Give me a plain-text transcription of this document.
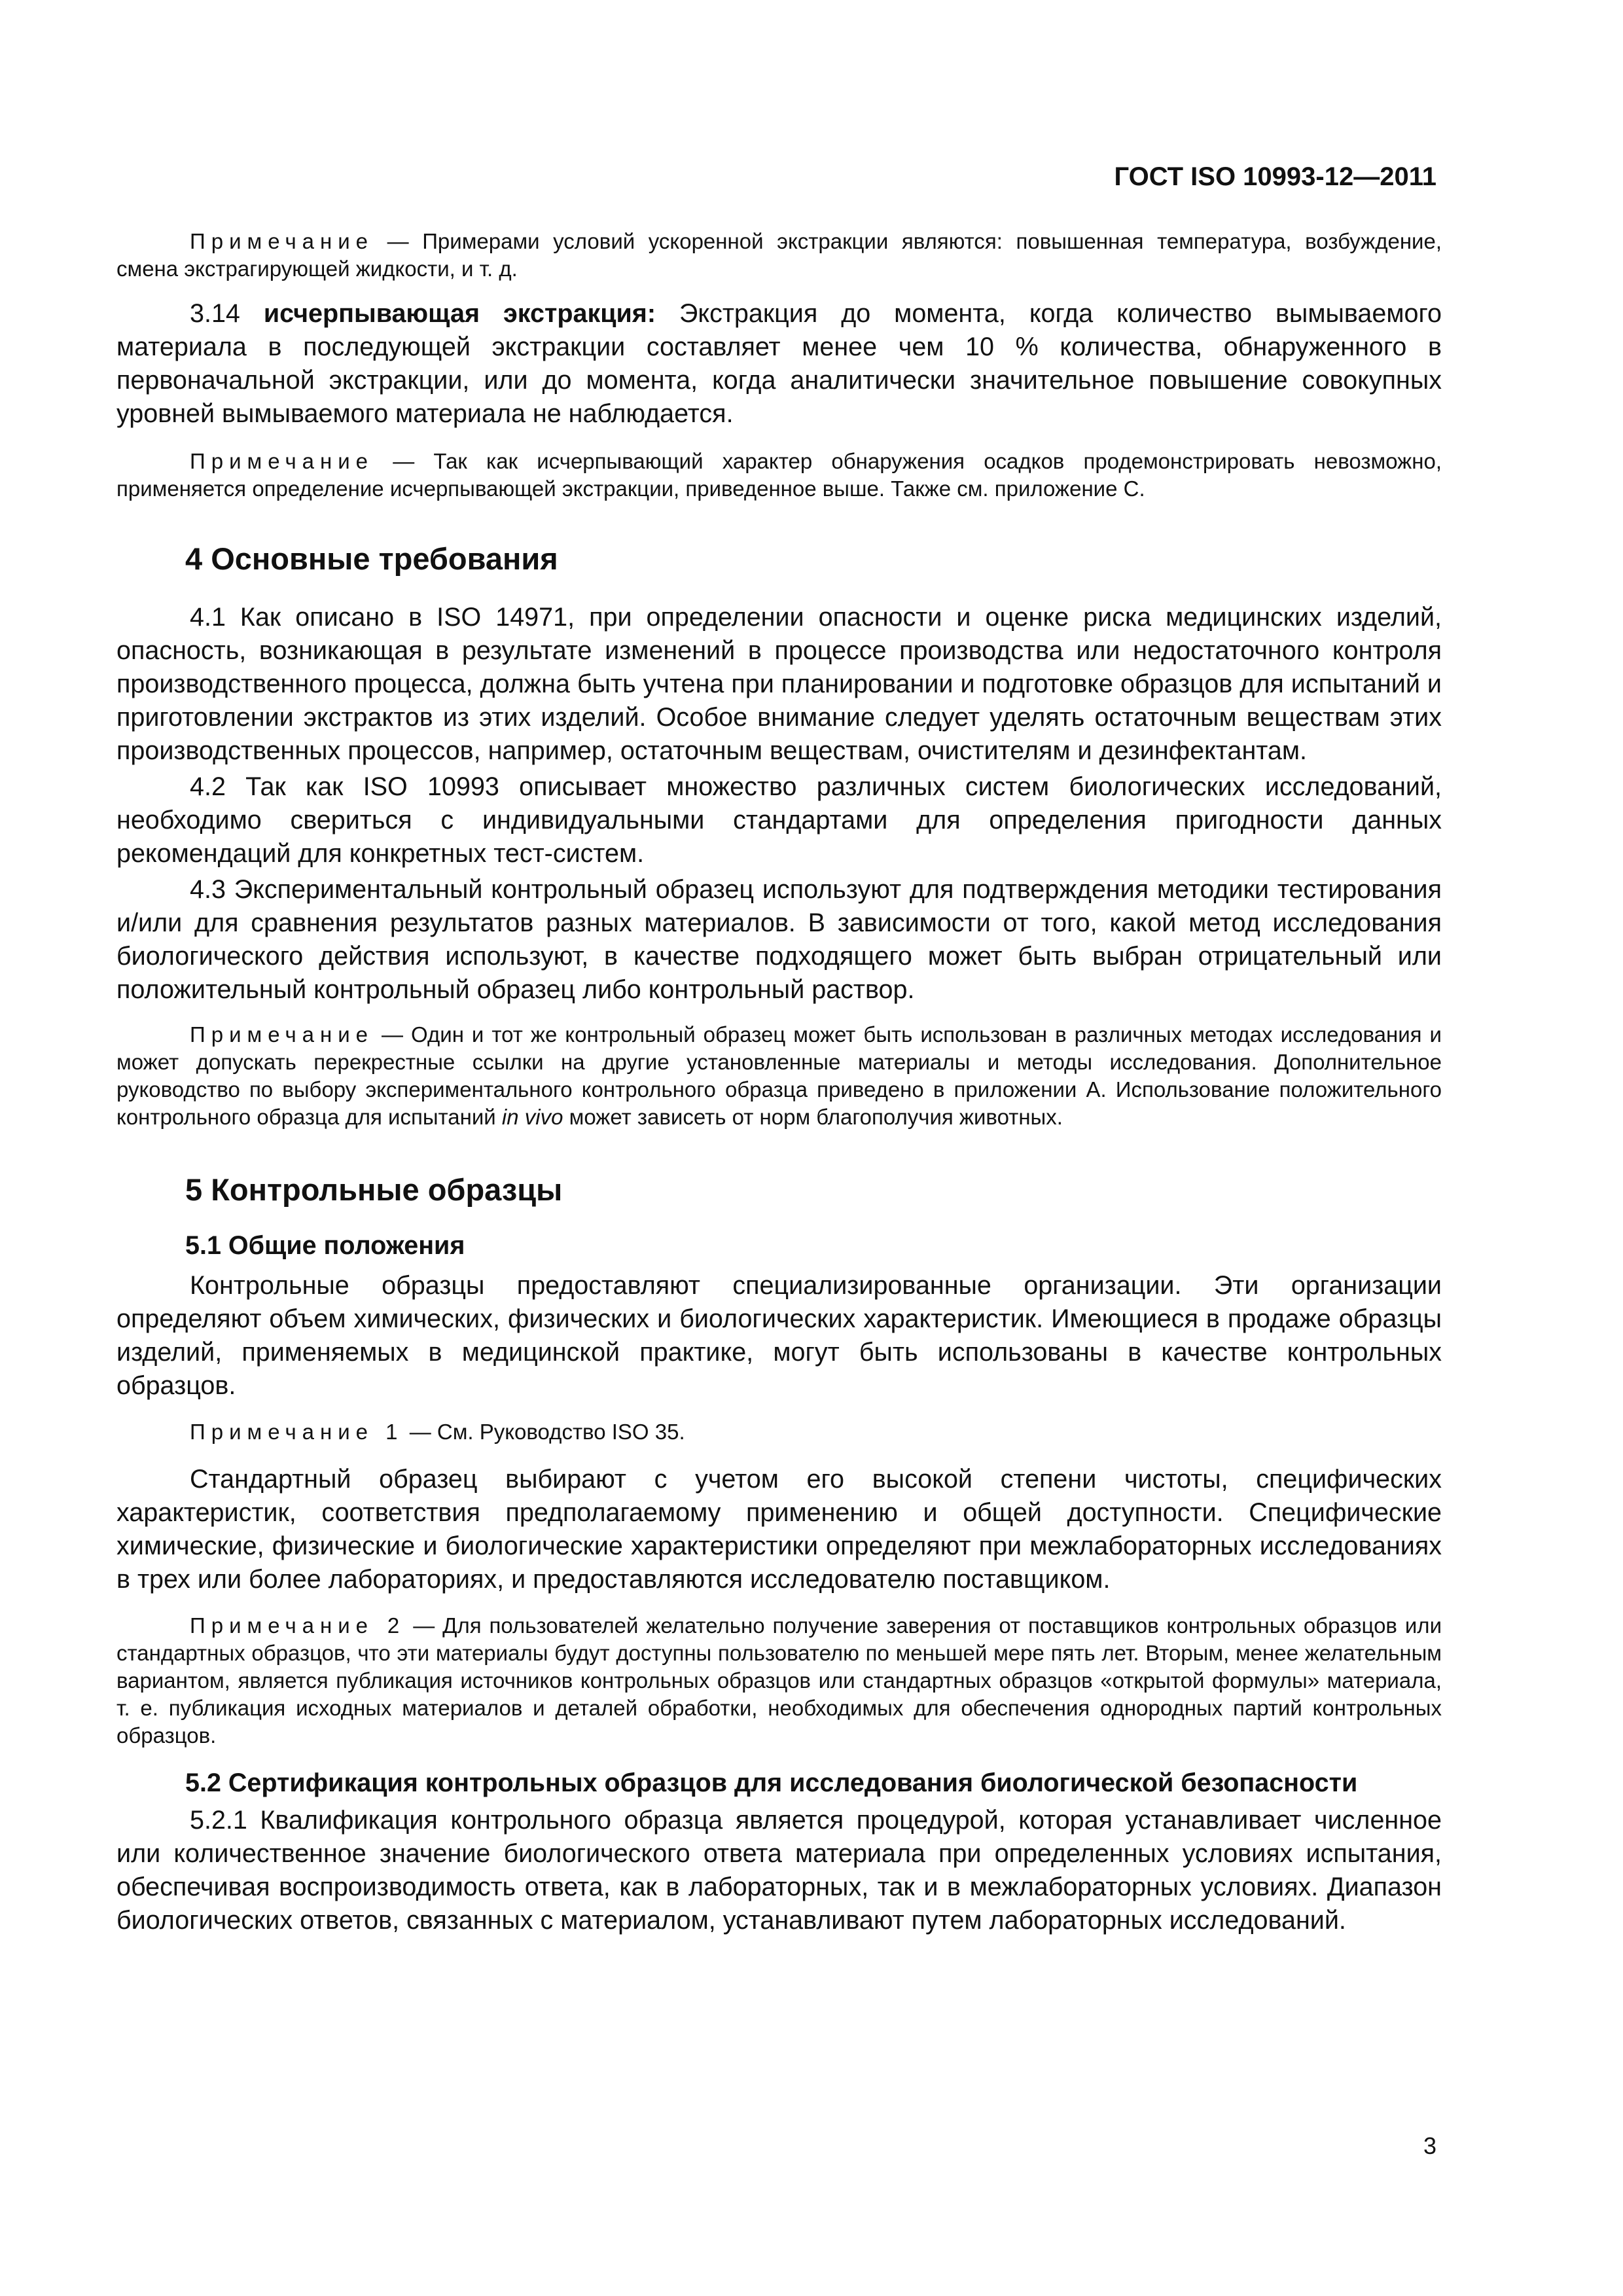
ГОСТ ISO 10993-12—2011

Примечание — Примерами условий ускоренной экстракции являются: повышенная температура, возбуждение, смена экстрагирующей жидкости, и т. д.

3.14 исчерпывающая экстракция: Экстракция до момента, когда количество вымываемого материала в последующей экстракции составляет менее чем 10 % количества, обнаруженного в первоначальной экстракции, или до момента, когда аналитически значительное повышение совокупных уровней вымываемого материала не наблюдается.

Примечание — Так как исчерпывающий характер обнаружения осадков продемонстрировать невозможно, применяется определение исчерпывающей экстракции, приведенное выше. Также см. приложение С.

4 Основные требования

4.1 Как описано в ISO 14971, при определении опасности и оценке риска медицинских изделий, опасность, возникающая в результате изменений в процессе производства или недостаточного контроля производственного процесса, должна быть учтена при планировании и подготовке образцов для испытаний и приготовлении экстрактов из этих изделий. Особое внимание следует уделять остаточным веществам этих производственных процессов, например, остаточным веществам, очистителям и дезинфектантам.

4.2 Так как ISO 10993 описывает множество различных систем биологических исследований, необходимо свериться с индивидуальными стандартами для определения пригодности данных рекомендаций для конкретных тест-систем.

4.3 Экспериментальный контрольный образец используют для подтверждения методики тестирования и/или для сравнения результатов разных материалов. В зависимости от того, какой метод исследования биологического действия используют, в качестве подходящего может быть выбран отрицательный или положительный контрольный образец либо контрольный раствор.

Примечание — Один и тот же контрольный образец может быть использован в различных методах исследования и может допускать перекрестные ссылки на другие установленные материалы и методы исследования. Дополнительное руководство по выбору экспериментального контрольного образца приведено в приложении А. Использование положительного контрольного образца для испытаний in vivo может зависеть от норм благополучия животных.

5 Контрольные образцы
5.1 Общие положения

Контрольные образцы предоставляют специализированные организации. Эти организации определяют объем химических, физических и биологических характеристик. Имеющиеся в продаже образцы изделий, применяемых в медицинской практике, могут быть использованы в качестве контрольных образцов.

Примечание 1 — См. Руководство ISO 35.

Стандартный образец выбирают с учетом его высокой степени чистоты, специфических характеристик, соответствия предполагаемому применению и общей доступности. Специфические химические, физические и биологические характеристики определяют при межлабораторных исследованиях в трех или более лабораториях, и предоставляются исследователю поставщиком.

Примечание 2 — Для пользователей желательно получение заверения от поставщиков контрольных образцов или стандартных образцов, что эти материалы будут доступны пользователю по меньшей мере пять лет. Вторым, менее желательным вариантом, является публикация источников контрольных образцов или стандартных образцов «открытой формулы» материала, т. е. публикация исходных материалов и деталей обработки, необходимых для обеспечения однородных партий контрольных образцов.

5.2 Сертификация контрольных образцов для исследования биологической безопасности

5.2.1 Квалификация контрольного образца является процедурой, которая устанавливает численное или количественное значение биологического ответа материала при определенных условиях испытания, обеспечивая воспроизводимость ответа, как в лабораторных, так и в межлабораторных условиях. Диапазон биологических ответов, связанных с материалом, устанавливают путем лабораторных исследований.

3
